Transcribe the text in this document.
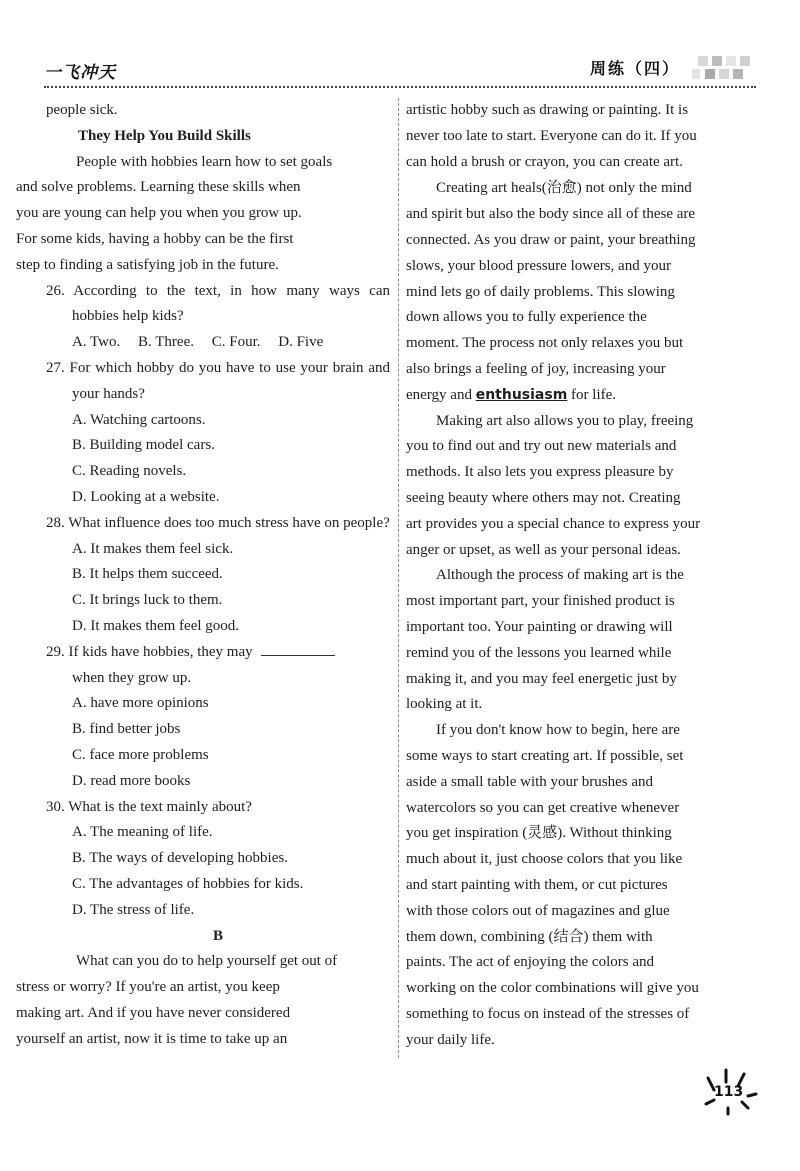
一飞冲天	周练（四）
people sick.
They Help You Build Skills
People with hobbies learn how to set goals
and solve problems. Learning these skills when
you are young can help you when you grow up.
For some kids, having a hobby can be the first
step to finding a satisfying job in the future.
26. According to the text, in how many ways can hobbies help kids?
A. Two. B. Three. C. Four. D. Five
27. For which hobby do you have to use your brain and your hands?
A. Watching cartoons.
B. Building model cars.
C. Reading novels.
D. Looking at a website.
28. What influence does too much stress have on people?
A. It makes them feel sick.
B. It helps them succeed.
C. It brings luck to them.
D. It makes them feel good.
29. If kids have hobbies, they may
when they grow up.
A. have more opinions
B. find better jobs
C. face more problems
D. read more books
30. What is the text mainly about?
A. The meaning of life.
B. The ways of developing hobbies.
C. The advantages of hobbies for kids.
D. The stress of life.
B
What can you do to help yourself get out of
stress or worry? If you're an artist, you keep
making art. And if you have never considered
yourself an artist, now it is time to take up an
artistic hobby such as drawing or painting. It is
never too late to start. Everyone can do it. If you
can hold a brush or crayon, you can create art.
Creating art heals(治愈) not only the mind
and spirit but also the body since all of these are
connected. As you draw or paint, your breathing
slows, your blood pressure lowers, and your
mind lets go of daily problems. This slowing
down allows you to fully experience the
moment. The process not only relaxes you but
also brings a feeling of joy, increasing your
energy and enthusiasm for life.
Making art also allows you to play, freeing
you to find out and try out new materials and
methods. It also lets you express pleasure by
seeing beauty where others may not. Creating
art provides you a special chance to express your
anger or upset, as well as your personal ideas.
Although the process of making art is the
most important part, your finished product is
important too. Your painting or drawing will
remind you of the lessons you learned while
making it, and you may feel energetic just by
looking at it.
If you don't know how to begin, here are
some ways to start creating art. If possible, set
aside a small table with your brushes and
watercolors so you can get creative whenever
you get inspiration (灵感). Without thinking
much about it, just choose colors that you like
and start painting with them, or cut pictures
with those colors out of magazines and glue
them down, combining (结合) them with
paints. The act of enjoying the colors and
working on the color combinations will give you
something to focus on instead of the stresses of
your daily life.
113
